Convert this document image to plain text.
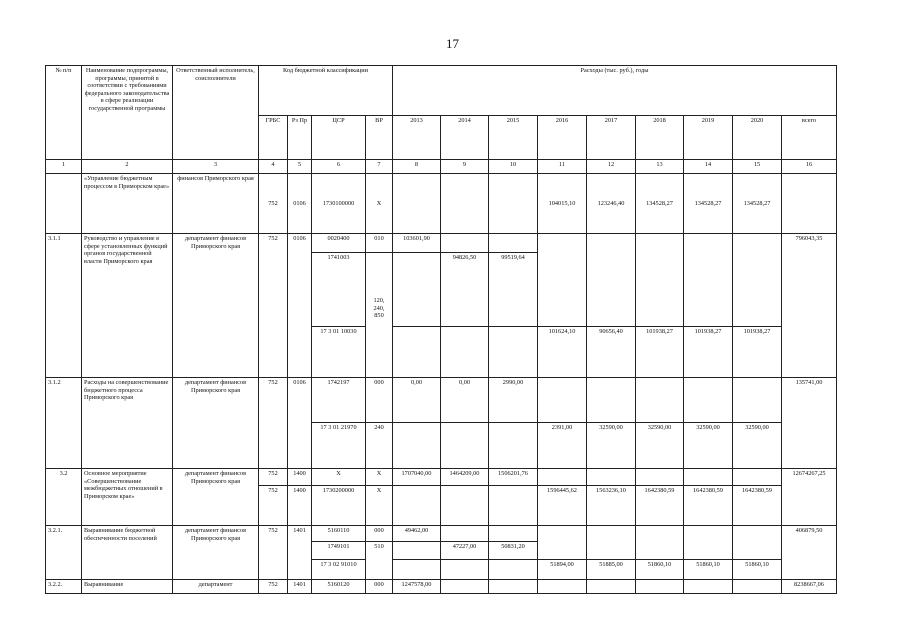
17
№ п/п	Наименование подпрограммы, программы, принятой в соответствии с требованиями федерального законодательства в сфере реализации государственной программы	Ответственный исполнитель, соисполнители	Код бюджетной классификации				Расходы (тыс. руб.), годы								
			ГРБС	Рз Пр	ЦСР	ВР	2013	2014	2015	2016	2017	2018	2019	2020	всего
1	2	3	4	5	6	7	8	9	10	11	12	13	14	15	16
	«Управление бюджетным процессом в Приморском крае»	финансов Приморского края	752	0106	1730100000	X				104015,10	123246,40	134528,27	134528,27	134528,27	
3.1.1	Руководство и управление в сфере установленных функций органов государственной власти Приморского края	департамент финансов Приморского края	752	0106	0020400	010	103601,90								796043,35
					1741003	120, 240, 850		94826,50	99519,64						
					17 3 01 10030					101624,10	90656,40	101938,27	101938,27	101938,27	
3.1.2	Расходы на совершенствование бюджетного процесса Приморского края	департамент финансов Приморского края	752	0106	1742197	000	0,00	0,00	2990,00						135741,00
					17 3 01 21970	240				2391,00	32590,00	32590,00	32590,00	32590,00	
3.2	Основное мероприятие «Совершенствование межбюджетных отношений в Приморском крае»	департамент финансов Приморского края	752	1400	X	X	1707040,00	1464209,00	1506201,76						12674267,25
			752	1400	1730200000	X				1596445,62	1563236,10	1642380,59	1642380,59	1642380,59	
3.2.1.	Выравнивание бюджетной обеспеченности поселений	департамент финансов Приморского края	752	1401	5160110	000	49462,00								406879,50
					1749101	510		47227,00	50831,20						
					17 3 02 91010					51894,00	51885,00	51860,10	51860,10	51860,10	
3.2.2.	Выравнивание	департамент	752	1401	5160120	000	1247578,00								8238667,06
